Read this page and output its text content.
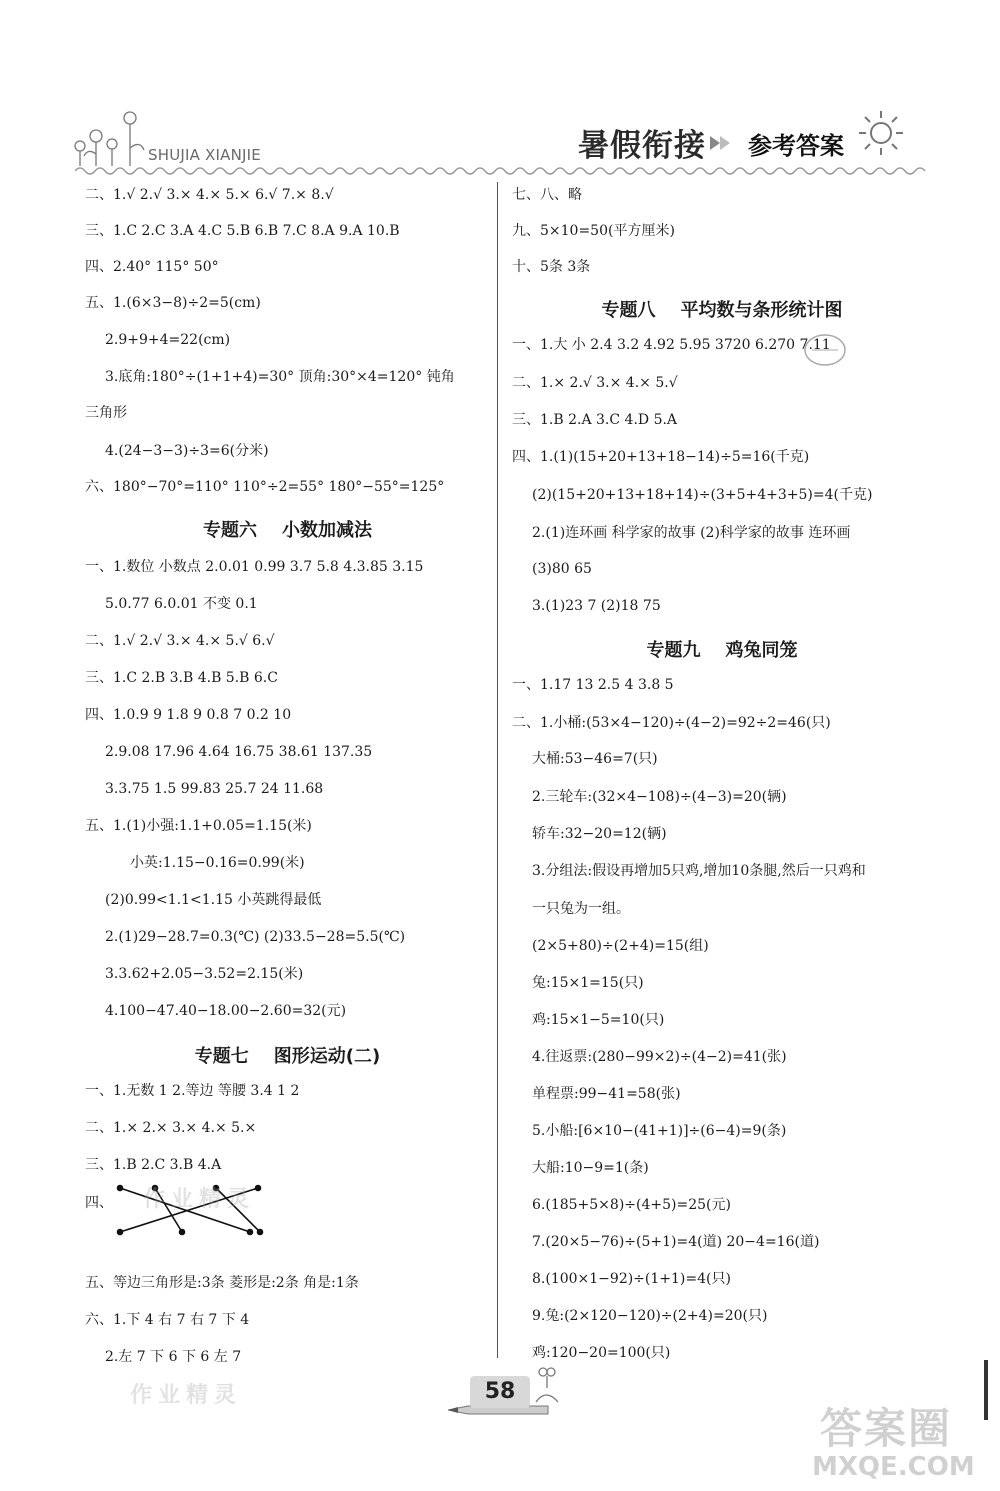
SHUJIA XIANJIE	暑假衔接 参考答案
二、1.√ 2.√ 3.× 4.× 5.× 6.√ 7.× 8.√
三、1.C 2.C 3.A 4.C 5.B 6.B 7.C 8.A 9.A 10.B
四、2.40° 115° 50°
五、1.(6×3−8)÷2=5(cm)
2.9+9+4=22(cm)
3.底角:180°÷(1+1+4)=30° 顶角:30°×4=120° 钝角
三角形
4.(24−3−3)÷3=6(分米)
六、180°−70°=110° 110°÷2=55° 180°−55°=125°
专题六    小数加减法
一、1.数位 小数点 2.0.01 0.99 3.7 5.8 4.3.85 3.15
5.0.77 6.0.01 不变 0.1
二、1.√ 2.√ 3.× 4.× 5.√ 6.√
三、1.C 2.B 3.B 4.B 5.B 6.C
四、1.0.9 9 1.8 9 0.8 7 0.2 10
2.9.08 17.96 4.64 16.75 38.61 137.35
3.3.75 1.5 99.83 25.7 24 11.68
五、1.(1)小强:1.1+0.05=1.15(米)
小英:1.15−0.16=0.99(米)
(2)0.99<1.1<1.15 小英跳得最低
2.(1)29−28.7=0.3(℃) (2)33.5−28=5.5(℃)
3.3.62+2.05−3.52=2.15(米)
4.100−47.40−18.00−2.60=32(元)
专题七    图形运动(二)
一、1.无数 1 2.等边 等腰 3.4 1 2
二、1.× 2.× 3.× 4.× 5.×
三、1.B 2.C 3.B 4.A
四、 作业精灵
五、等边三角形是:3条 菱形是:2条 角是:1条
六、1.下 4 右 7 右 7 下 4
2.左 7 下 6 下 6 左 7
作业精灵
七、八、略
九、5×10=50(平方厘米)
十、5条 3条
专题八    平均数与条形统计图
一、1.大 小 2.4 3.2 4.92 5.95 3720 6.270 7.11
二、1.× 2.√ 3.× 4.× 5.√
三、1.B 2.A 3.C 4.D 5.A
四、1.(1)(15+20+13+18−14)÷5=16(千克)
(2)(15+20+13+18+14)÷(3+5+4+3+5)=4(千克)
2.(1)连环画 科学家的故事 (2)科学家的故事 连环画
(3)80 65
3.(1)23 7 (2)18 75
专题九    鸡兔同笼
一、1.17 13 2.5 4 3.8 5
二、1.小桶:(53×4−120)÷(4−2)=92÷2=46(只)
大桶:53−46=7(只)
2.三轮车:(32×4−108)÷(4−3)=20(辆)
轿车:32−20=12(辆)
3.分组法:假设再增加5只鸡,增加10条腿,然后一只鸡和
一只兔为一组。
(2×5+80)÷(2+4)=15(组)
兔:15×1=15(只)
鸡:15×1−5=10(只)
4.往返票:(280−99×2)÷(4−2)=41(张)
单程票:99−41=58(张)
5.小船:[6×10−(41+1)]÷(6−4)=9(条)
大船:10−9=1(条)
6.(185+5×8)÷(4+5)=25(元)
7.(20×5−76)÷(5+1)=4(道) 20−4=16(道)
8.(100×1−92)÷(1+1)=4(只)
9.兔:(2×120−120)÷(2+4)=20(只)
鸡:120−20=100(只)
58
答案圈
MXQE.COM
